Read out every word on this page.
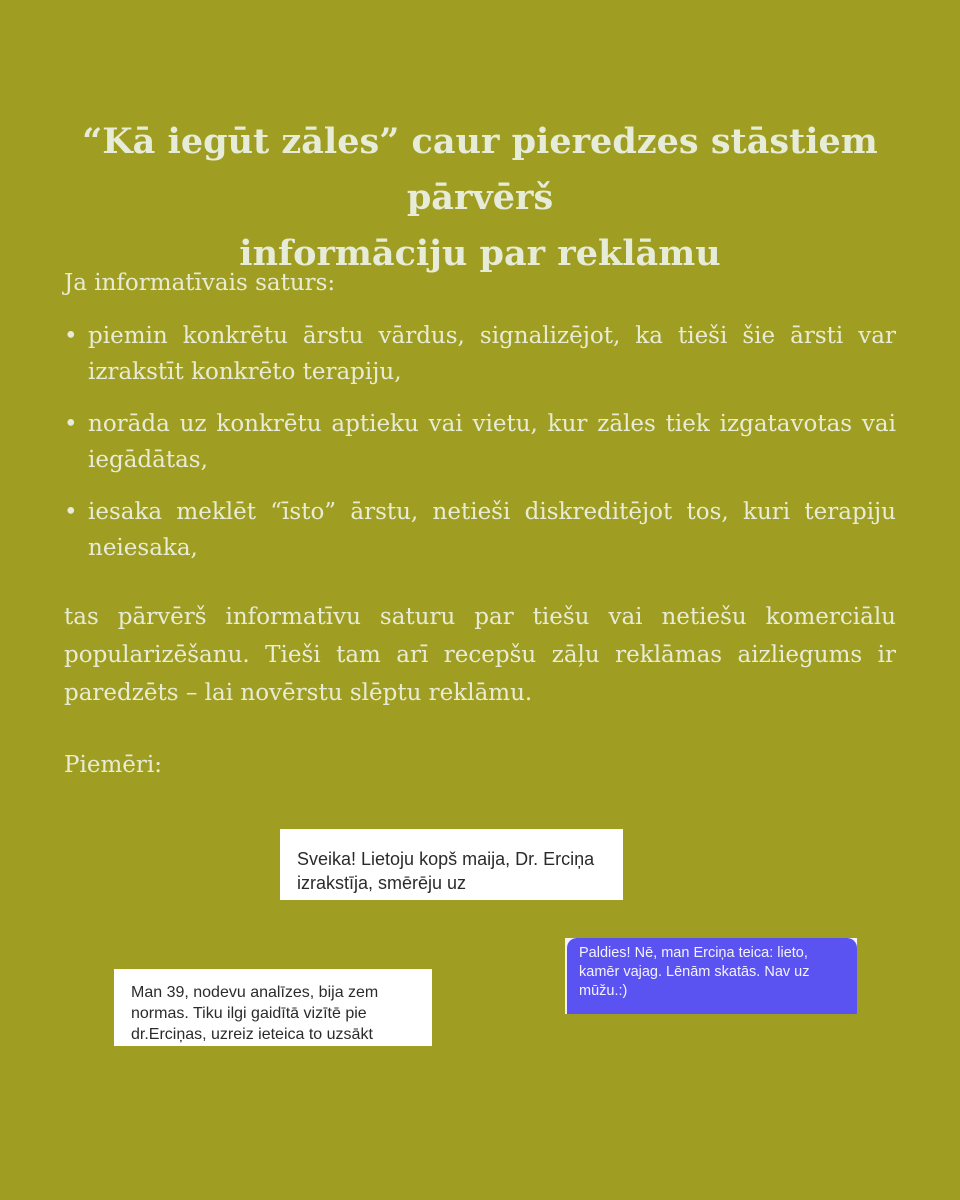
“Kā iegūt zāles” caur pieredzes stāstiem pārvērš
informāciju par reklāmu

Ja informatīvais saturs:

• piemin konkrētu ārstu vārdus, signalizējot, ka tieši šie ārsti var izrakstīt konkrēto terapiju,
• norāda uz konkrētu aptieku vai vietu, kur zāles tiek izgatavotas vai iegādātas,
• iesaka meklēt “īsto” ārstu, netieši diskreditējot tos, kuri terapiju neiesaka,

tas pārvērš informatīvu saturu par tiešu vai netiešu komerciālu popularizēšanu. Tieši tam arī recepšu zāļu reklāmas aizliegums ir paredzēts – lai novērstu slēptu reklāmu.

Piemēri:

Sveika! Lietoju kopš maija, Dr. Erciņa izrakstīja, smērēju uz
Man 39, nodevu analīzes, bija zem normas. Tiku ilgi gaidītā vizītē pie dr.Erciņas, uzreiz ieteica to uzsākt
Paldies! Nē, man Erciņa teica: lieto, kamēr vajag. Lēnām skatās. Nav uz mūžu.:)
